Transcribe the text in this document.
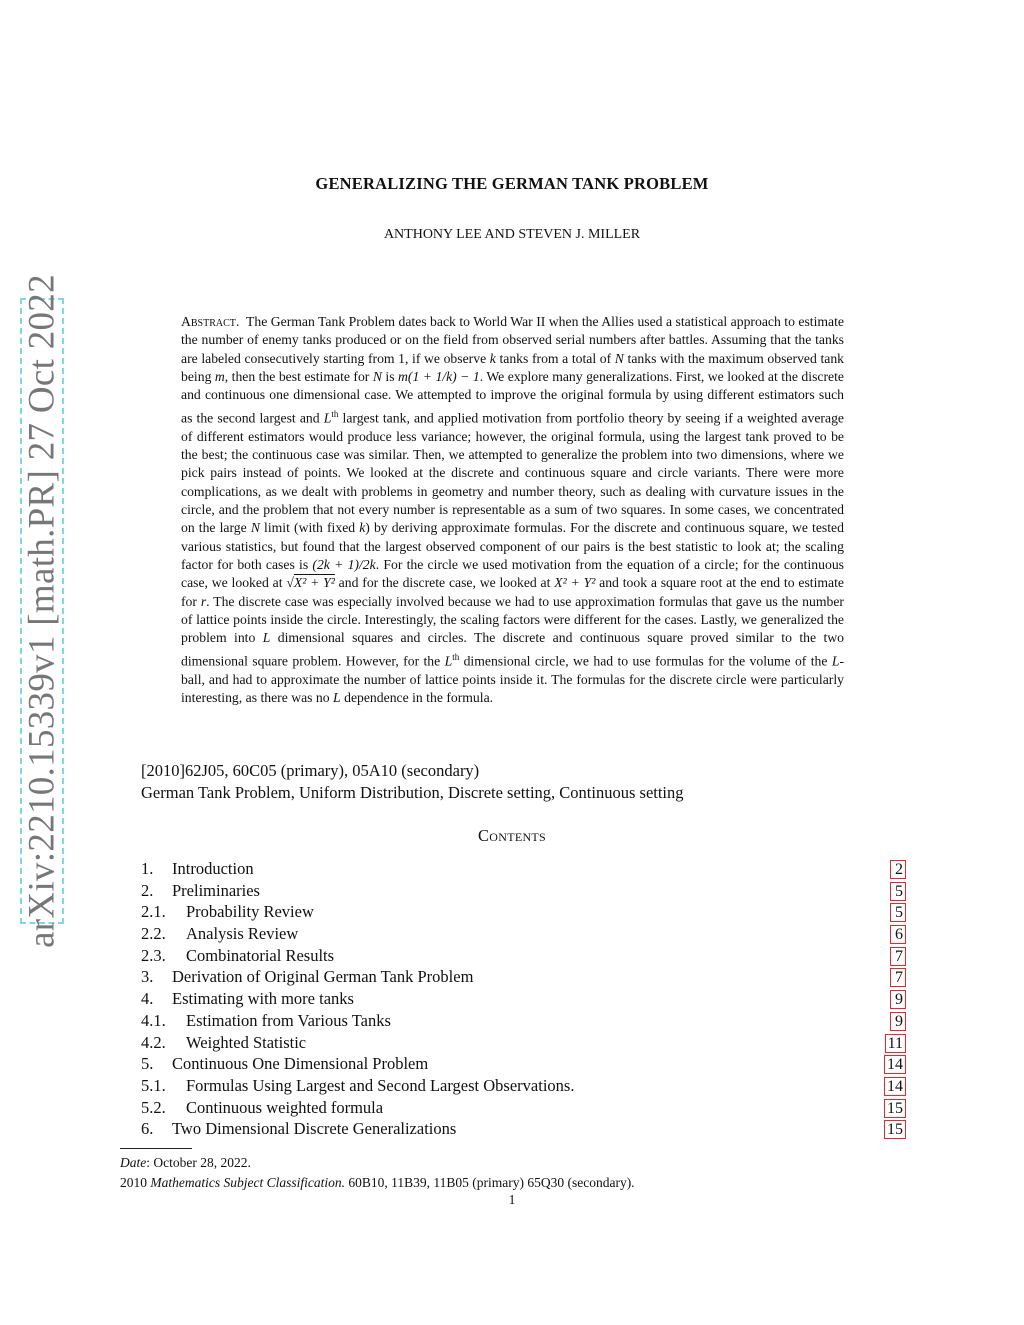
arXiv:2210.15339v1 [math.PR] 27 Oct 2022
GENERALIZING THE GERMAN TANK PROBLEM
ANTHONY LEE AND STEVEN J. MILLER
Abstract. The German Tank Problem dates back to World War II when the Allies used a statistical approach to estimate the number of enemy tanks produced or on the field from observed serial numbers after battles. Assuming that the tanks are labeled consecutively starting from 1, if we observe k tanks from a total of N tanks with the maximum observed tank being m, then the best estimate for N is m(1 + 1/k) − 1. We explore many generalizations. First, we looked at the discrete and continuous one dimensional case. We attempted to improve the original formula by using different estimators such as the second largest and Lth largest tank, and applied motivation from portfolio theory by seeing if a weighted average of different estimators would produce less variance; however, the original formula, using the largest tank proved to be the best; the continuous case was similar. Then, we attempted to generalize the problem into two dimensions, where we pick pairs instead of points. We looked at the discrete and continuous square and circle variants. There were more complications, as we dealt with problems in geometry and number theory, such as dealing with curvature issues in the circle, and the problem that not every number is representable as a sum of two squares. In some cases, we concentrated on the large N limit (with fixed k) by deriving approximate formulas. For the discrete and continuous square, we tested various statistics, but found that the largest observed component of our pairs is the best statistic to look at; the scaling factor for both cases is (2k + 1)/2k. For the circle we used motivation from the equation of a circle; for the continuous case, we looked at √X² + Y² and for the discrete case, we looked at X² + Y² and took a square root at the end to estimate for r. The discrete case was especially involved because we had to use approximation formulas that gave us the number of lattice points inside the circle. Interestingly, the scaling factors were different for the cases. Lastly, we generalized the problem into L dimensional squares and circles. The discrete and continuous square proved similar to the two dimensional square problem. However, for the Lth dimensional circle, we had to use formulas for the volume of the L-ball, and had to approximate the number of lattice points inside it. The formulas for the discrete circle were particularly interesting, as there was no L dependence in the formula.
[2010]62J05, 60C05 (primary), 05A10 (secondary)
German Tank Problem, Uniform Distribution, Discrete setting, Continuous setting
Contents
1. Introduction	2
2. Preliminaries	5
2.1. Probability Review	5
2.2. Analysis Review	6
2.3. Combinatorial Results	7
3. Derivation of Original German Tank Problem	7
4. Estimating with more tanks	9
4.1. Estimation from Various Tanks	9
4.2. Weighted Statistic	11
5. Continuous One Dimensional Problem	14
5.1. Formulas Using Largest and Second Largest Observations.	14
5.2. Continuous weighted formula	15
6. Two Dimensional Discrete Generalizations	15
Date: October 28, 2022.
2010 Mathematics Subject Classification. 60B10, 11B39, 11B05 (primary) 65Q30 (secondary).
1
